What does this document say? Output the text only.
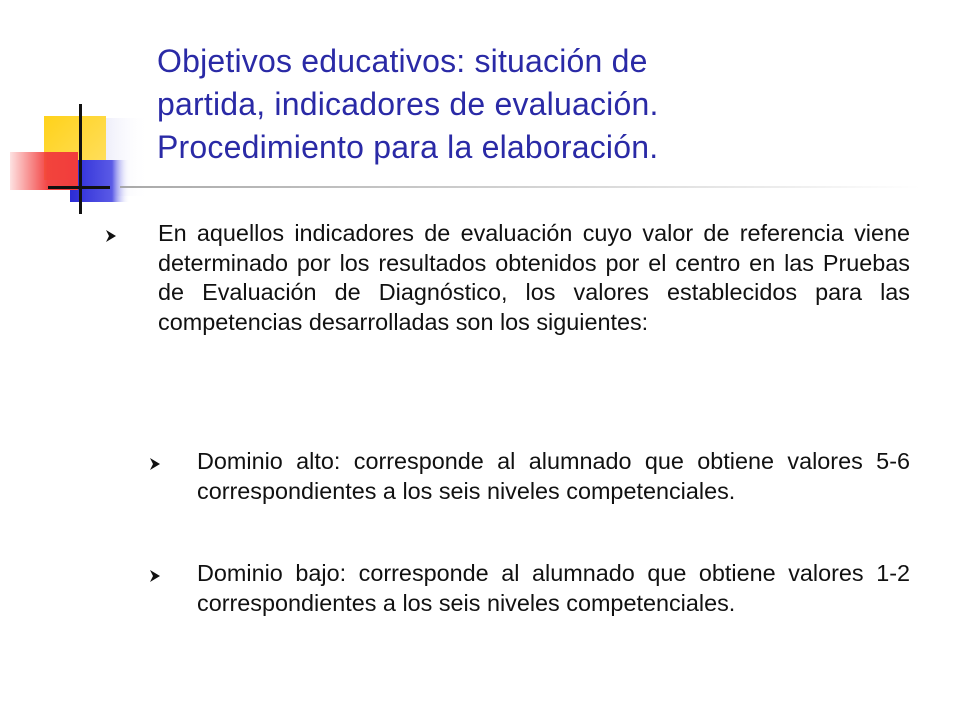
Objetivos educativos: situación de
partida, indicadores de evaluación.
Procedimiento para la elaboración.

En aquellos indicadores de evaluación cuyo valor de referencia viene determinado por los resultados obtenidos por el centro en las Pruebas de Evaluación de Diagnóstico, los valores establecidos para las competencias desarrolladas son los siguientes:

Dominio alto: corresponde al alumnado que obtiene valores 5-6 correspondientes a los seis niveles competenciales.

Dominio bajo: corresponde al alumnado que obtiene valores 1-2 correspondientes a los seis niveles competenciales.
